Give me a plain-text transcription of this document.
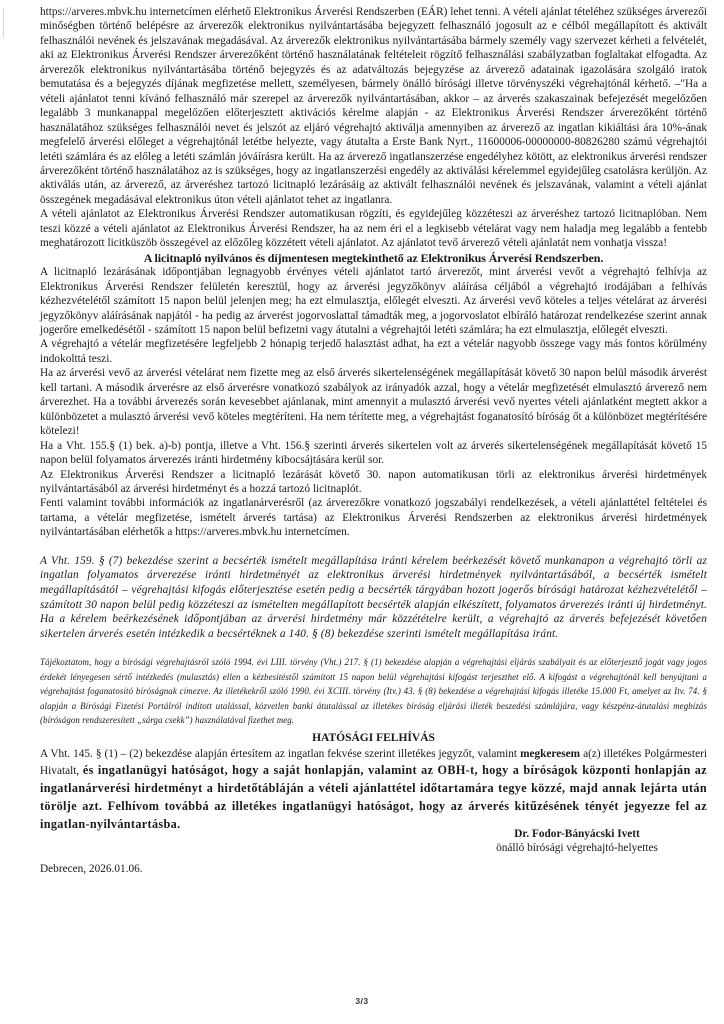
https://arveres.mbvk.hu internetcímen elérhető Elektronikus Árverési Rendszerben (EÁR) lehet tenni. A vételi ajánlat tételéhez szükséges árverezői minőségben történő belépésre az árverezők elektronikus nyilvántartásába bejegyzett felhasználó jogosult az e célból megállapított és aktivált felhasználói nevének és jelszavának megadásával. Az árverezők elektronikus nyilvántartásába bármely személy vagy szervezet kérheti a felvételét, aki az Elektronikus Árverési Rendszer árverezőként történő használatának feltételeit rögzítő felhasználási szabályzatban foglaltakat elfogadta. Az árverezők elektronikus nyilvántartásába történő bejegyzés és az adatváltozás bejegyzése az árverező adatainak igazolására szolgáló iratok bemutatása és a bejegyzés díjának megfizetése mellett, személyesen, bármely önálló bírósági illetve törvényszéki végrehajtónál kérhető. –"Ha a vételi ajánlatot tenni kívánó felhasználó már szerepel az árverezők nyilvántartásában, akkor – az árverés szakaszainak befejezését megelőzően legalább 3 munkanappal megelőzően előterjesztett aktivációs kérelme alapján - az Elektronikus Árverési Rendszer árverezőként történő használatához szükséges felhasználói nevet és jelszót az eljáró végrehajtó aktiválja amennyiben az árverező az ingatlan kikiáltási ára 10%-ának megfelelő árverési előleget a végrehajtónál letétbe helyezte, vagy átutalta a Erste Bank Nyrt., 11600006-00000000-80826280 számú végrehajtói letéti számlára és az előleg a letéti számlán jóváírásra került. Ha az árverező ingatlanszerzése engedélyhez kötött, az elektronikus árverési rendszer árverezőként történő használatához az is szükséges, hogy az ingatlanszerzési engedély az aktiválási kérelemmel egyidejűleg csatolásra kerüljön. Az aktiválás után, az árverező, az árveréshez tartozó licitnapló lezárásáig az aktivált felhasználói nevének és jelszavának, valamint a vételi ajánlat összegének megadásával elektronikus úton vételi ajánlatot tehet az ingatlanra.

A vételi ajánlatot az Elektronikus Árverési Rendszer automatikusan rögzíti, és egyidejűleg közzéteszi az árveréshez tartozó licitnaplóban. Nem teszi közzé a vételi ajánlatot az Elektronikus Árverési Rendszer, ha az nem éri el a legkisebb vételárat vagy nem haladja meg legalább a fentebb meghatározott licitküszöb összegével az előzőleg közzétett vételi ajánlatot. Az ajánlatot tevő árverező vételi ajánlatát nem vonhatja vissza!

A licitnapló nyilvános és díjmentesen megtekinthető az Elektronikus Árverési Rendszerben.

A licitnapló lezárásának időpontjában legnagyobb érvényes vételi ajánlatot tartó árverezőt, mint árverési vevőt a végrehajtó felhívja az Elektronikus Árverési Rendszer felületén keresztül, hogy az árverési jegyzőkönyv aláírása céljából a végrehajtó irodájában a felhívás kézhezvételétől számított 15 napon belül jelenjen meg; ha ezt elmulasztja, előlegét elveszti. Az árverési vevő köteles a teljes vételárat az árverési jegyzőkönyv aláírásának napjától - ha pedig az árverést jogorvoslattal támadták meg, a jogorvoslatot elbíráló határozat rendelkezése szerint annak jogerőre emelkedésétől - számított 15 napon belül befizetni vagy átutalni a végrehajtói letéti számlára; ha ezt elmulasztja, előlegét elveszti.

A végrehajtó a vételár megfizetésére legfeljebb 2 hónapig terjedő halasztást adhat, ha ezt a vételár nagyobb összege vagy más fontos körülmény indokolttá teszi.

Ha az árverési vevő az árverési vételárat nem fizette meg az első árverés sikertelenségének megállapítását követő 30 napon belül második árverést kell tartani. A második árverésre az első árverésre vonatkozó szabályok az irányadók azzal, hogy a vételár megfizetését elmulasztó árverező nem árverezhet. Ha a további árverezés során kevesebbet ajánlanak, mint amennyit a mulasztó árverési vevő nyertes vételi ajánlatként megtett akkor a különbözetet a mulasztó árverési vevő köteles megtéríteni. Ha nem térítette meg, a végrehajtást foganatosító bíróság őt a különbözet megtérítésére kötelezi!

Ha a Vht. 155.§ (1) bek. a)-b) pontja, illetve a Vht. 156.§ szerinti árverés sikertelen volt az árverés sikertelenségének megállapítását követő 15 napon belül folyamatos árverezés iránti hirdetmény kibocsájtására kerül sor.

Az Elektronikus Árverési Rendszer a licitnapló lezárását követő 30. napon automatikusan törli az elektronikus árverési hirdetmények nyilvántartásából az árverési hirdetményt és a hozzá tartozó licitnaplót.

Fenti valamint további információk az ingatlanárverésről (az árverezőkre vonatkozó jogszabályi rendelkezések, a vételi ajánlattétel feltételei és tartama, a vételár megfizetése, ismételt árverés tartása) az Elektronikus Árverési Rendszerben az elektronikus árverési hirdetmények nyilvántartásában elérhetők a https://arveres.mbvk.hu internetcímen.

A Vht. 159. § (7) bekezdése szerint a becsérték ismételt megállapítása iránti kérelem beérkezését követő munkanapon a végrehajtó törli az ingatlan folyamatos árverezése iránti hirdetményét az elektronikus árverési hirdetmények nyilvántartásából, a becsérték ismételt megállapításától – végrehajtási kifogás előterjesztése esetén pedig a becsérték tárgyában hozott jogerős bírósági határozat kézhezvételétől – számított 30 napon belül pedig közzéteszi az ismételten megállapított becsérték alapján elkészített, folyamatos árverezés iránti új hirdetményt. Ha a kérelem beérkezésének időpontjában az árverési hirdetmény már közzétételre került, a végrehajtó az árverés befejezését követően sikertelen árverés esetén intézkedik a becsértéknek a 140. § (8) bekezdése szerinti ismételt megállapítása iránt.

Tájékoztatom, hogy a bírósági végrehajtásról szóló 1994. évi LIII. törvény (Vht.) 217. § (1) bekezdése alapján a végrehajtási eljárás szabályait és az előterjesztő jogát vagy jogos érdekét lényegesen sértő intézkedés (mulasztás) ellen a kézbesítéstől számított 15 napon belül végrehajtási kifogást terjeszthet elő. A kifogást a végrehajtónál kell benyújtani a végrehajtást foganatosító bíróságnak címezve. Az illetékekről szóló 1990. évi XCIII. törvény (Itv.) 43. § (8) bekezdése a végrehajtási kifogás illetéke 15.000 Ft, amelyet az Itv. 74. § alapján a Bírósági Fizetési Portálról indított utalással, közvetlen banki átutalással az illetékes bíróság eljárási illeték beszedési számlájára, vagy készpénz-átutalási megbízás (bíróságon rendszeresített „sárga csekk”) használatával fizethet meg.

HATÓSÁGI FELHÍVÁS

A Vht. 145. § (1) – (2) bekezdése alapján értesítem az ingatlan fekvése szerint illetékes jegyzőt, valamint megkeresem a(z) illetékes Polgármesteri Hivatalt, és ingatlanügyi hatóságot, hogy a saját honlapján, valamint az OBH-t, hogy a bíróságok központi honlapján az ingatlanárverési hirdetményt a hirdetőtábláján a vételi ajánlattétel időtartamára tegye közzé, majd annak lejárta után törölje azt. Felhívom továbbá az illetékes ingatlanügyi hatóságot, hogy az árverés kitűzésének tényét jegyezze fel az ingatlan-nyilvántartásba.

Debrecen, 2026.01.06.

Dr. Fodor-Bányácski Ivett
önálló bírósági végrehajtó-helyettes
3/3
